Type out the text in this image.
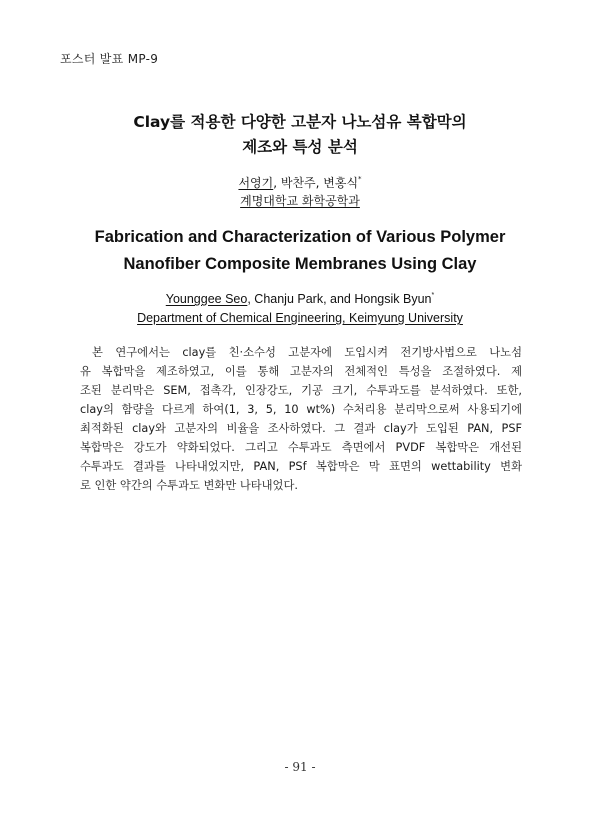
포스터 발표 MP-9
Clay를 적용한 다양한 고분자 나노섬유 복합막의
제조와 특성 분석
서영기, 박찬주, 변홍식*
계명대학교 화학공학과
Fabrication and Characterization of Various Polymer
Nanofiber Composite Membranes Using Clay
Younggee Seo, Chanju Park, and Hongsik Byun*
Department of Chemical Engineering, Keimyung University
본 연구에서는 clay를 친·소수성 고분자에 도입시켜 전기방사법으로 나노섬
유 복합막을 제조하였고, 이를 통해 고분자의 전체적인 특성을 조절하였다. 제
조된 분리막은 SEM, 접촉각, 인장강도, 기공 크기, 수투과도를 분석하였다. 또한,
clay의 함량을 다르게 하여(1, 3, 5, 10 wt%) 수처리용 분리막으로써 사용되기에
최적화된 clay와 고분자의 비율을 조사하였다. 그 결과 clay가 도입된 PAN, PSF
복합막은 강도가 약화되었다. 그리고 수투과도 측면에서 PVDF 복합막은 개선된
수투과도 결과를 나타내었지만, PAN, PSf 복합막은 막 표면의 wettability 변화
로 인한 약간의 수투과도 변화만 나타내었다.
- 91 -
